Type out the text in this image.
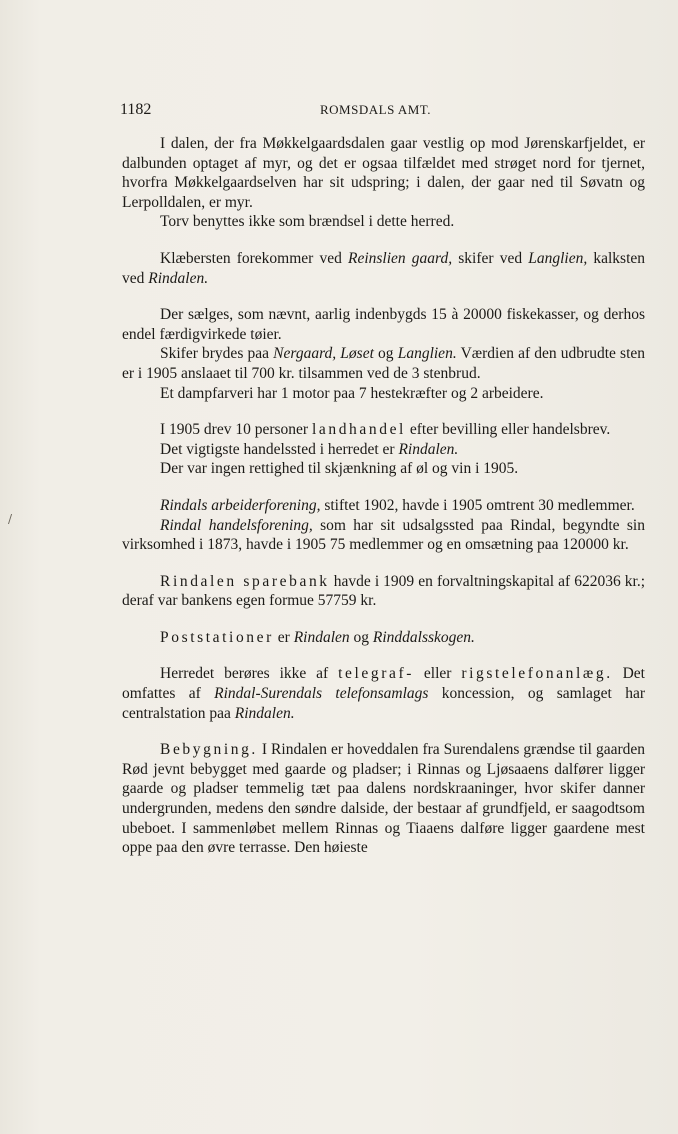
1182	ROMSDALS AMT.
/

I dalen, der fra Møkkelgaardsdalen gaar vestlig op mod Jørenskarfjeldet, er dalbunden optaget af myr, og det er ogsaa tilfældet med strøget nord for tjernet, hvorfra Møkkelgaardselven har sit udspring; i dalen, der gaar ned til Søvatn og Lerpolldalen, er myr.

Torv benyttes ikke som brændsel i dette herred.

Klæbersten forekommer ved Reinslien gaard, skifer ved Langlien, kalksten ved Rindalen.

Der sælges, som nævnt, aarlig indenbygds 15 à 20000 fiskekasser, og derhos endel færdigvirkede tøier.

Skifer brydes paa Nergaard, Løset og Langlien. Værdien af den udbrudte sten er i 1905 anslaaet til 700 kr. tilsammen ved de 3 stenbrud.

Et dampfarveri har 1 motor paa 7 hestekræfter og 2 arbeidere.

I 1905 drev 10 personer landhandel efter bevilling eller handelsbrev.

Det vigtigste handelssted i herredet er Rindalen.

Der var ingen rettighed til skjænkning af øl og vin i 1905.

Rindals arbeiderforening, stiftet 1902, havde i 1905 omtrent 30 medlemmer.

Rindal handelsforening, som har sit udsalgssted paa Rindal, begyndte sin virksomhed i 1873, havde i 1905 75 medlemmer og en omsætning paa 120000 kr.

Rindalen sparebank havde i 1909 en forvaltningskapital af 622036 kr.; deraf var bankens egen formue 57759 kr.

Poststationer er Rindalen og Rinddalsskogen.

Herredet berøres ikke af telegraf- eller rigstelefonanlæg. Det omfattes af Rindal-Surendals telefonsamlags koncession, og samlaget har centralstation paa Rindalen.

Bebygning. I Rindalen er hoveddalen fra Surendalens grændse til gaarden Rød jevnt bebygget med gaarde og pladser; i Rinnas og Ljøsaaens dalfører ligger gaarde og pladser temmelig tæt paa dalens nordskraaninger, hvor skifer danner undergrunden, medens den søndre dalside, der bestaar af grundfjeld, er saagodtsom ubeboet. I sammenløbet mellem Rinnas og Tiaaens dalføre ligger gaardene mest oppe paa den øvre terrasse. Den høieste
